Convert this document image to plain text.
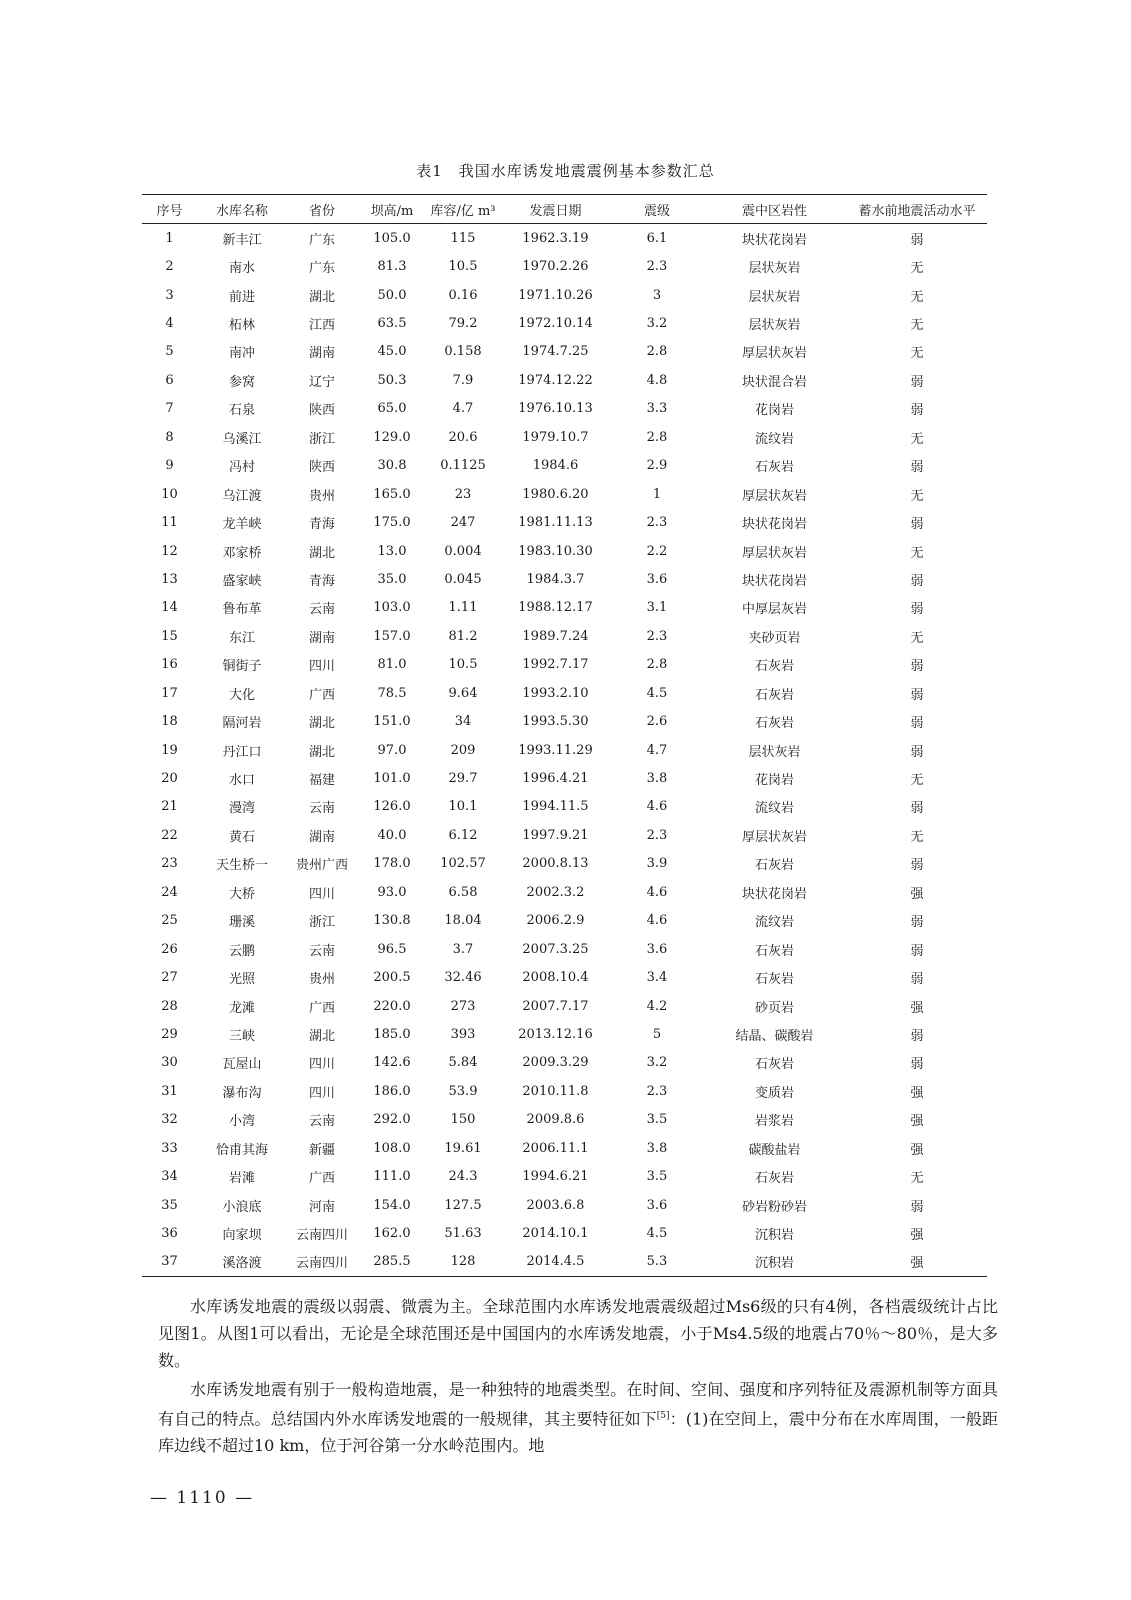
表1　我国水库诱发地震震例基本参数汇总
序号	水库名称	省份	坝高/m	库容/亿 m³	发震日期	震级	震中区岩性	蓄水前地震活动水平
1	新丰江	广东	105.0	115	1962.3.19	6.1	块状花岗岩	弱
2	南水	广东	81.3	10.5	1970.2.26	2.3	层状灰岩	无
3	前进	湖北	50.0	0.16	1971.10.26	3	层状灰岩	无
4	柘林	江西	63.5	79.2	1972.10.14	3.2	层状灰岩	无
5	南冲	湖南	45.0	0.158	1974.7.25	2.8	厚层状灰岩	无
6	参窝	辽宁	50.3	7.9	1974.12.22	4.8	块状混合岩	弱
7	石泉	陕西	65.0	4.7	1976.10.13	3.3	花岗岩	弱
8	乌溪江	浙江	129.0	20.6	1979.10.7	2.8	流纹岩	无
9	冯村	陕西	30.8	0.1125	1984.6	2.9	石灰岩	弱
10	乌江渡	贵州	165.0	23	1980.6.20	1	厚层状灰岩	无
11	龙羊峡	青海	175.0	247	1981.11.13	2.3	块状花岗岩	弱
12	邓家桥	湖北	13.0	0.004	1983.10.30	2.2	厚层状灰岩	无
13	盛家峡	青海	35.0	0.045	1984.3.7	3.6	块状花岗岩	弱
14	鲁布革	云南	103.0	1.11	1988.12.17	3.1	中厚层灰岩	弱
15	东江	湖南	157.0	81.2	1989.7.24	2.3	夹砂页岩	无
16	铜街子	四川	81.0	10.5	1992.7.17	2.8	石灰岩	弱
17	大化	广西	78.5	9.64	1993.2.10	4.5	石灰岩	弱
18	隔河岩	湖北	151.0	34	1993.5.30	2.6	石灰岩	弱
19	丹江口	湖北	97.0	209	1993.11.29	4.7	层状灰岩	弱
20	水口	福建	101.0	29.7	1996.4.21	3.8	花岗岩	无
21	漫湾	云南	126.0	10.1	1994.11.5	4.6	流纹岩	弱
22	黄石	湖南	40.0	6.12	1997.9.21	2.3	厚层状灰岩	无
23	天生桥一	贵州广西	178.0	102.57	2000.8.13	3.9	石灰岩	弱
24	大桥	四川	93.0	6.58	2002.3.2	4.6	块状花岗岩	强
25	珊溪	浙江	130.8	18.04	2006.2.9	4.6	流纹岩	弱
26	云鹏	云南	96.5	3.7	2007.3.25	3.6	石灰岩	弱
27	光照	贵州	200.5	32.46	2008.10.4	3.4	石灰岩	弱
28	龙滩	广西	220.0	273	2007.7.17	4.2	砂页岩	强
29	三峡	湖北	185.0	393	2013.12.16	5	结晶、碳酸岩	弱
30	瓦屋山	四川	142.6	5.84	2009.3.29	3.2	石灰岩	弱
31	瀑布沟	四川	186.0	53.9	2010.11.8	2.3	变质岩	强
32	小湾	云南	292.0	150	2009.8.6	3.5	岩浆岩	强
33	恰甫其海	新疆	108.0	19.61	2006.11.1	3.8	碳酸盐岩	强
34	岩滩	广西	111.0	24.3	1994.6.21	3.5	石灰岩	无
35	小浪底	河南	154.0	127.5	2003.6.8	3.6	砂岩粉砂岩	弱
36	向家坝	云南四川	162.0	51.63	2014.10.1	4.5	沉积岩	强
37	溪洛渡	云南四川	285.5	128	2014.4.5	5.3	沉积岩	强

水库诱发地震的震级以弱震、微震为主。全球范围内水库诱发地震震级超过Ms6级的只有4例，各档震级统计占比见图1。从图1可以看出，无论是全球范围还是中国国内的水库诱发地震，小于Ms4.5级的地震占70％～80％，是大多数。

水库诱发地震有别于一般构造地震，是一种独特的地震类型。在时间、空间、强度和序列特征及震源机制等方面具有自己的特点。总结国内外水库诱发地震的一般规律，其主要特征如下[5]：(1)在空间上，震中分布在水库周围，一般距库边线不超过10 km，位于河谷第一分水岭范围内。地

— 1110 —
